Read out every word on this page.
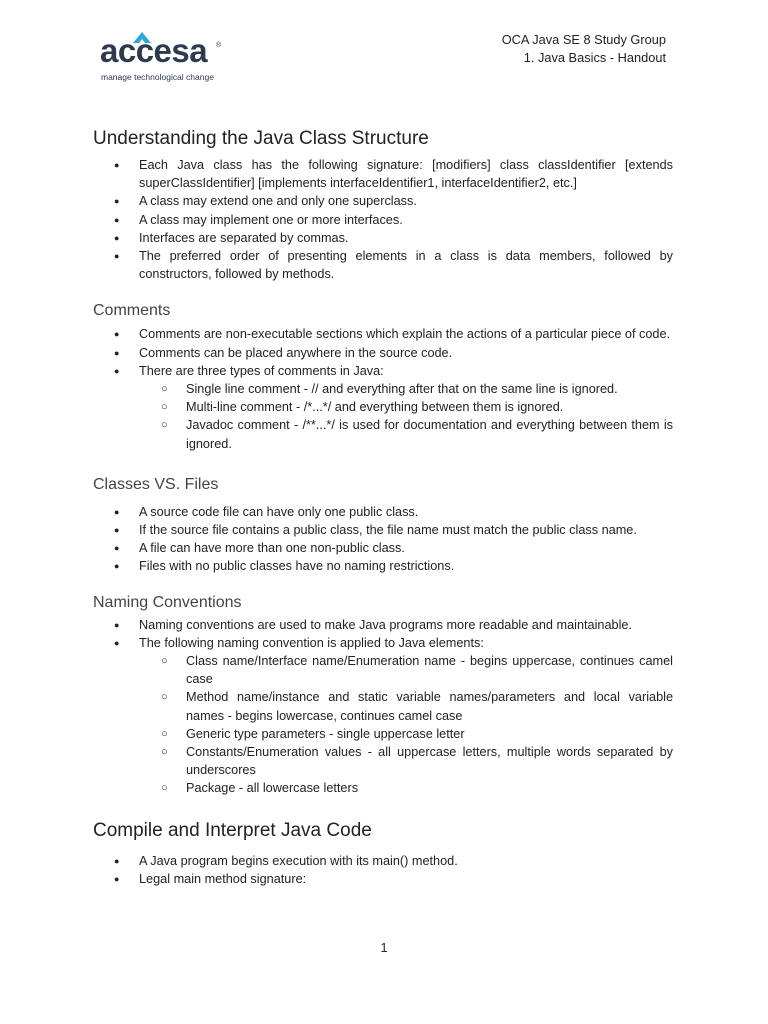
accesa ®
manage technological change
OCA Java SE 8 Study Group
1. Java Basics - Handout
Understanding the Java Class Structure
● Each Java class has the following signature: [modifiers] class classIdentifier [extends superClassIdentifier] [implements interfaceIdentifier1, interfaceIdentifier2, etc.]
● A class may extend one and only one superclass.
● A class may implement one or more interfaces.
● Interfaces are separated by commas.
● The preferred order of presenting elements in a class is data members, followed by constructors, followed by methods.
Comments
● Comments are non-executable sections which explain the actions of a particular piece of code.
● Comments can be placed anywhere in the source code.
● There are three types of comments in Java:
○ Single line comment - // and everything after that on the same line is ignored.
○ Multi-line comment - /*...*/ and everything between them is ignored.
○ Javadoc comment - /**...*/ is used for documentation and everything between them is ignored.
Classes VS. Files
● A source code file can have only one public class.
● If the source file contains a public class, the file name must match the public class name.
● A file can have more than one non-public class.
● Files with no public classes have no naming restrictions.
Naming Conventions
● Naming conventions are used to make Java programs more readable and maintainable.
● The following naming convention is applied to Java elements:
○ Class name/Interface name/Enumeration name - begins uppercase, continues camel case
○ Method name/instance and static variable names/parameters and local variable names - begins lowercase, continues camel case
○ Generic type parameters - single uppercase letter
○ Constants/Enumeration values - all uppercase letters, multiple words separated by underscores
○ Package - all lowercase letters
Compile and Interpret Java Code
● A Java program begins execution with its main() method.
● Legal main method signature:
1
